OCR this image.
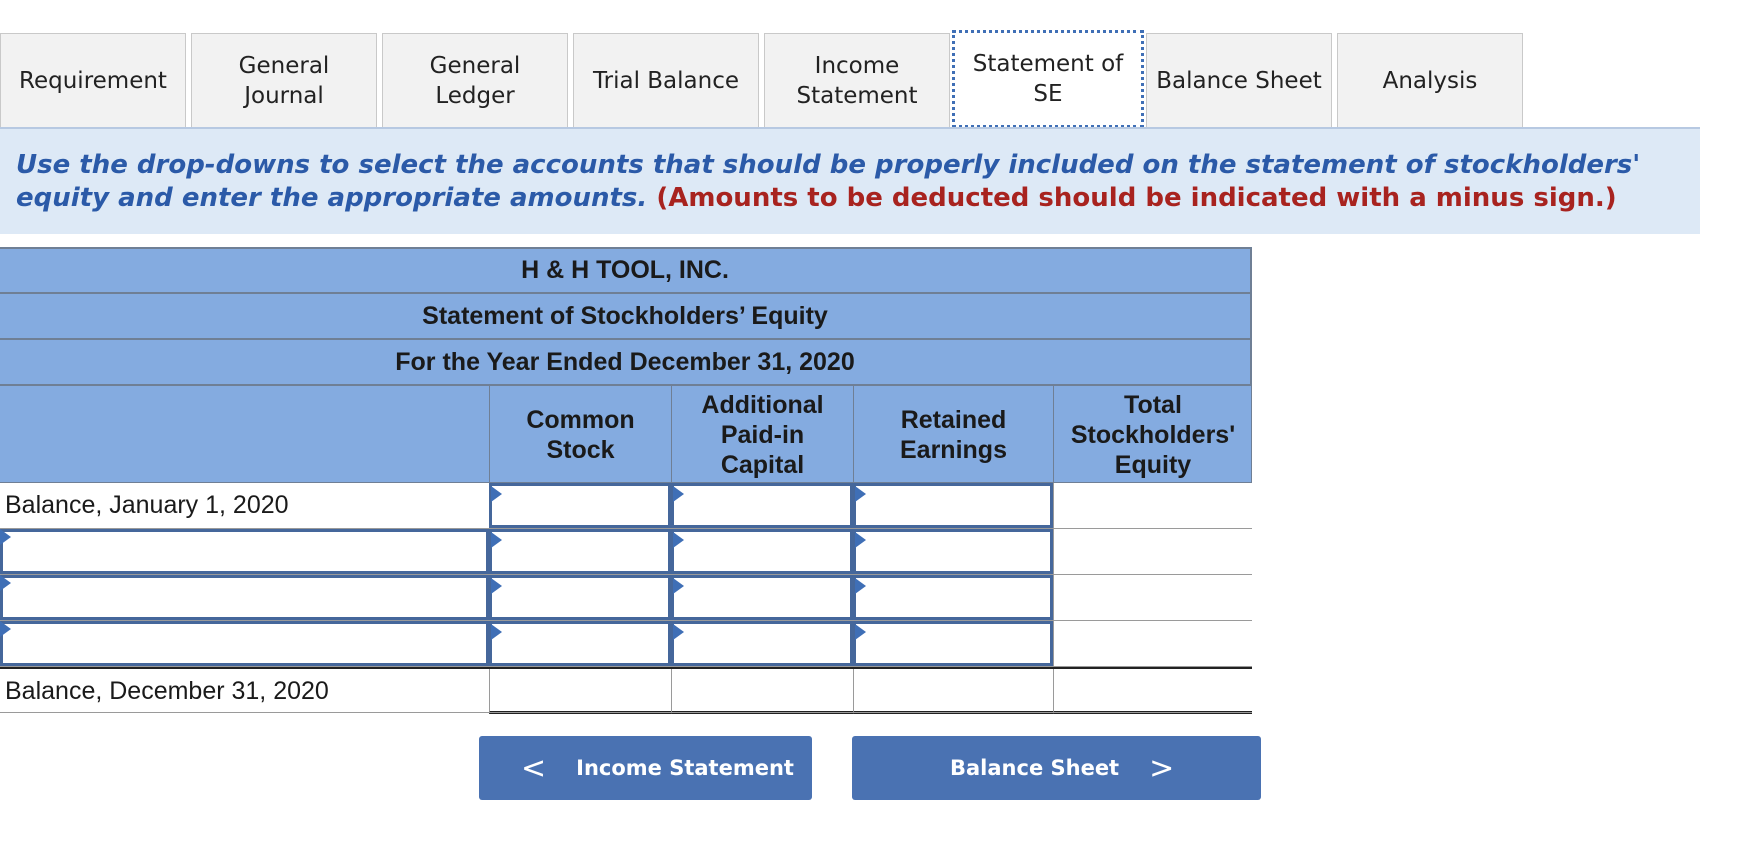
Requirement
General
Journal
General
Ledger
Trial Balance
Income
Statement
Statement of
SE
Balance Sheet	Analysis
Use the drop-downs to select the accounts that should be properly included on the statement of stockholders' equity and enter the appropriate amounts. (Amounts to be deducted should be indicated with a minus sign.)
H & H TOOL, INC.
Statement of Stockholders’ Equity
For the Year Ended December 31, 2020
Common
Stock
Additional
Paid-in
Capital
Retained
Earnings
Total
Stockholders'
Equity
Balance, January 1, 2020
Balance, December 31, 2020
< Income Statement	Balance Sheet >
